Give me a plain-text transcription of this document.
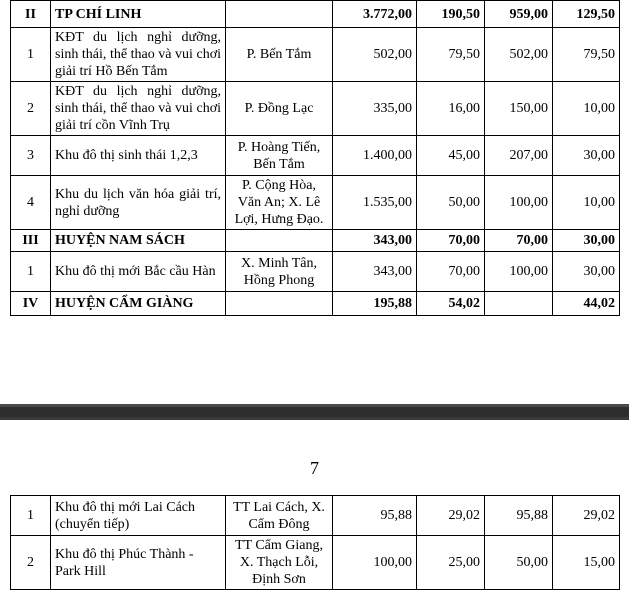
II	TP CHÍ LINH		3.772,00	190,50	959,00	129,50
1	KĐT du lịch nghỉ dưỡng, sinh thái, thể thao và vui chơi giải trí Hồ Bến Tắm	P. Bến Tắm	502,00	79,50	502,00	79,50
2	KĐT du lịch nghỉ dưỡng, sinh thái, thể thao và vui chơi giải trí cồn Vĩnh Trụ	P. Đồng Lạc	335,00	16,00	150,00	10,00
3	Khu đô thị sinh thái 1,2,3	P. Hoàng Tiến, Bến Tắm	1.400,00	45,00	207,00	30,00
4	Khu du lịch văn hóa giải trí, nghỉ dưỡng	P. Cộng Hòa, Văn An; X. Lê Lợi, Hưng Đạo.	1.535,00	50,00	100,00	10,00
III	HUYỆN NAM SÁCH		343,00	70,00	70,00	30,00
1	Khu đô thị mới Bắc cầu Hàn	X. Minh Tân, Hồng Phong	343,00	70,00	100,00	30,00
IV	HUYỆN CẨM GIÀNG		195,88	54,02		44,02
7
1	Khu đô thị mới Lai Cách (chuyển tiếp)	TT Lai Cách, X. Cẩm Đông	95,88	29,02	95,88	29,02
2	Khu đô thị Phúc Thành - Park Hill	TT Cẩm Giang, X. Thạch Lỗi, Định Sơn	100,00	25,00	50,00	15,00
